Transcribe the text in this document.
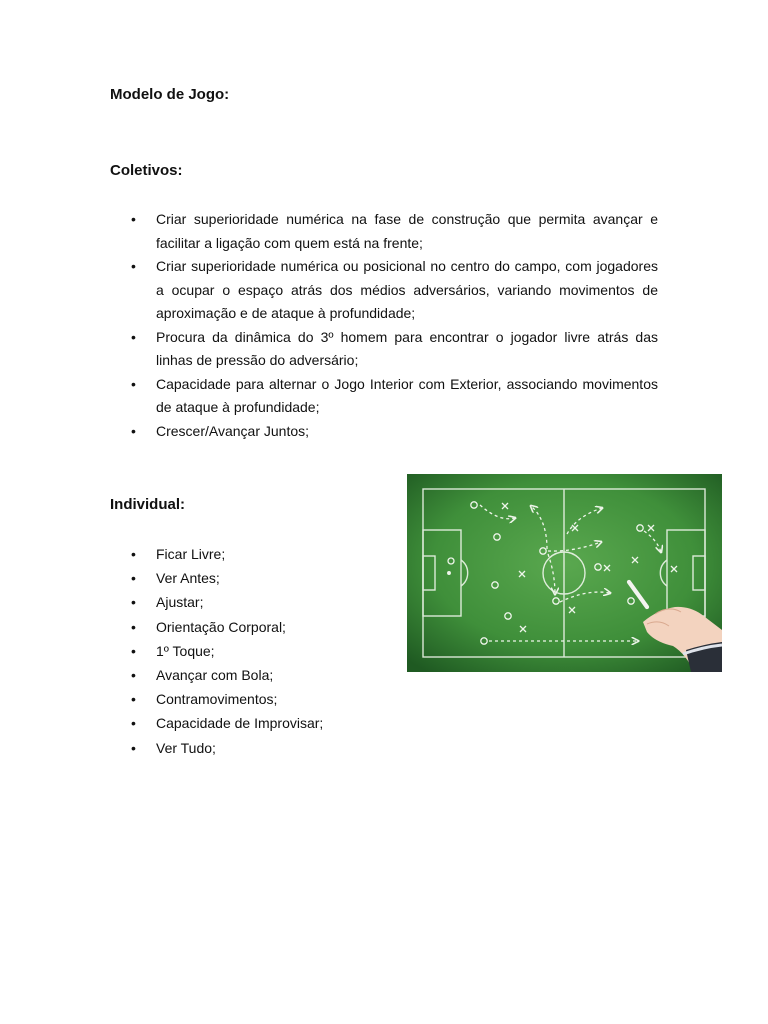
Modelo de Jogo:

Coletivos:

• Criar superioridade numérica na fase de construção que permita avançar e facilitar a ligação com quem está na frente;
• Criar superioridade numérica ou posicional no centro do campo, com jogadores a ocupar o espaço atrás dos médios adversários, variando movimentos de aproximação e de ataque à profundidade;
• Procura da dinâmica do 3º homem para encontrar o jogador livre atrás das linhas de pressão do adversário;
• Capacidade para alternar o Jogo Interior com Exterior, associando movimentos de ataque à profundidade;
• Crescer/Avançar Juntos;

Individual:

• Ficar Livre;
• Ver Antes;
• Ajustar;
• Orientação Corporal;
• 1º Toque;
• Avançar com Bola;
• Contramovimentos;
• Capacidade de Improvisar;
• Ver Tudo;
